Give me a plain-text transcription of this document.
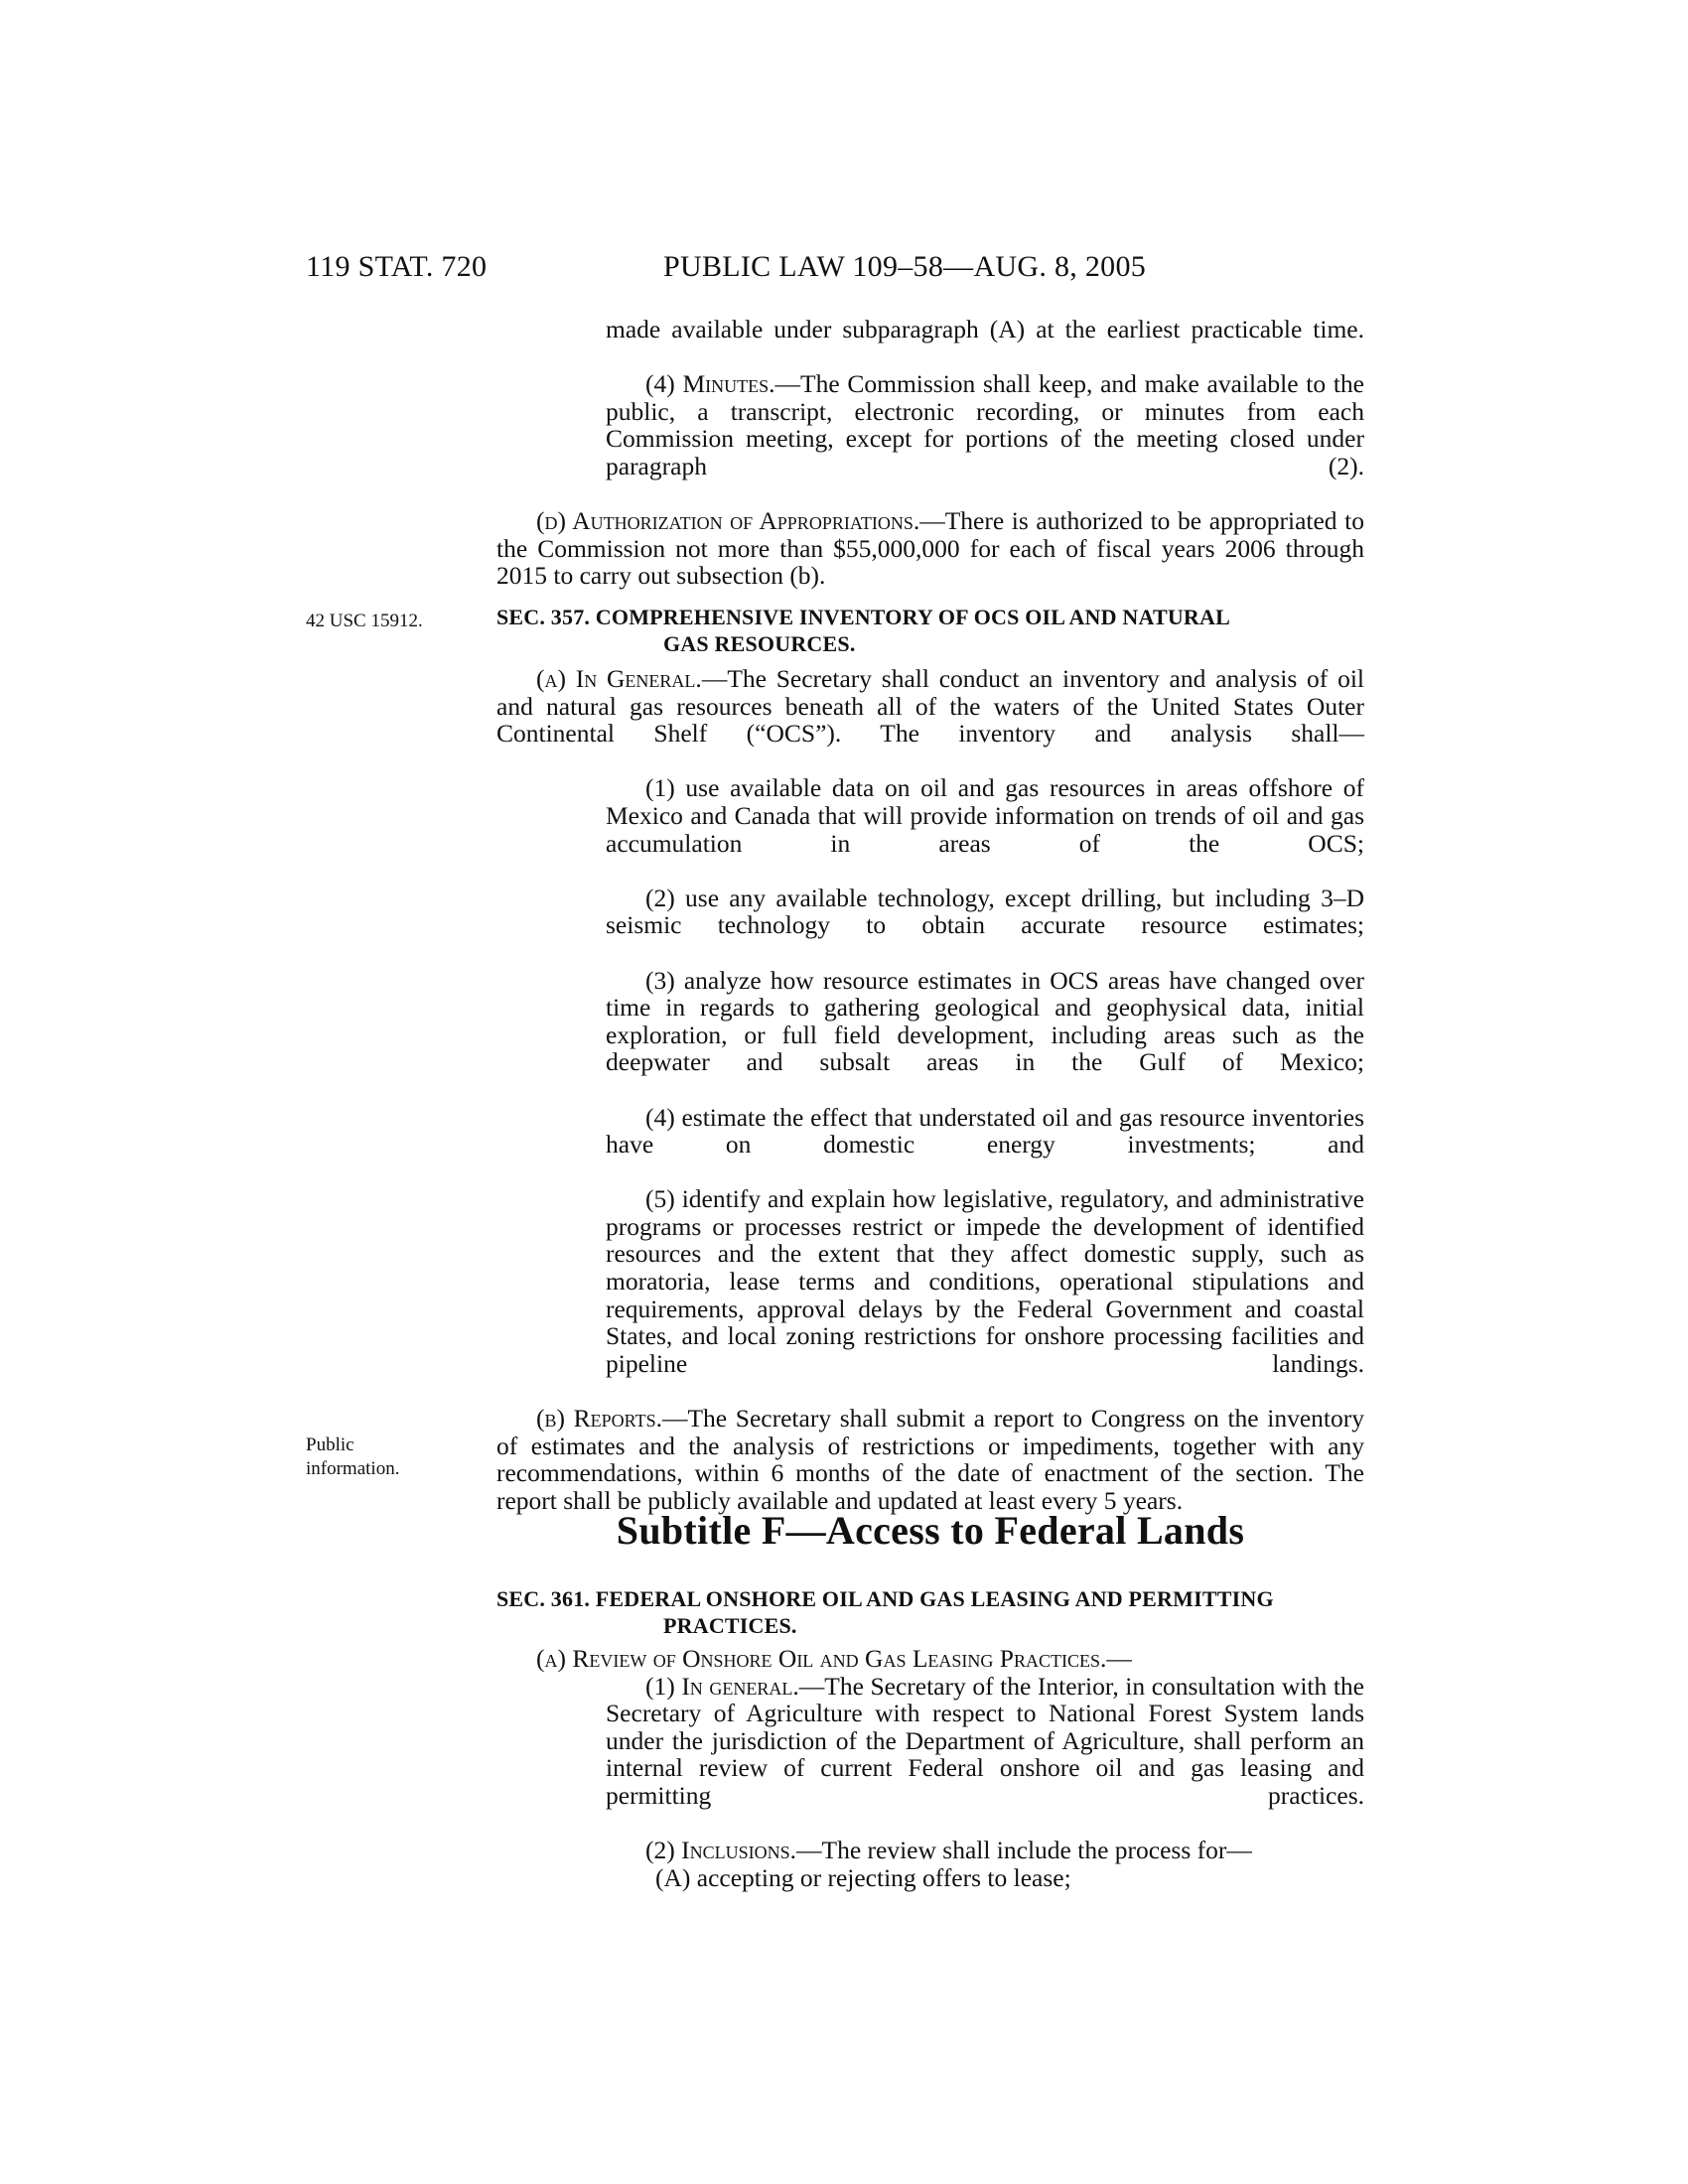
119 STAT. 720	PUBLIC LAW 109–58—AUG. 8, 2005
42 USC 15912.
Public
information.

made available under subparagraph (A) at the earliest practicable time.

(4) Minutes.—The Commission shall keep, and make available to the public, a transcript, electronic recording, or minutes from each Commission meeting, except for portions of the meeting closed under paragraph (2).

(d) Authorization of Appropriations.—There is authorized to be appropriated to the Commission not more than $55,000,000 for each of fiscal years 2006 through 2015 to carry out subsection (b).

SEC. 357. COMPREHENSIVE INVENTORY OF OCS OIL AND NATURAL
GAS RESOURCES.

(a) In General.—The Secretary shall conduct an inventory and analysis of oil and natural gas resources beneath all of the waters of the United States Outer Continental Shelf (“OCS”). The inventory and analysis shall—

(1) use available data on oil and gas resources in areas offshore of Mexico and Canada that will provide information on trends of oil and gas accumulation in areas of the OCS;

(2) use any available technology, except drilling, but including 3–D seismic technology to obtain accurate resource estimates;

(3) analyze how resource estimates in OCS areas have changed over time in regards to gathering geological and geophysical data, initial exploration, or full field development, including areas such as the deepwater and subsalt areas in the Gulf of Mexico;

(4) estimate the effect that understated oil and gas resource inventories have on domestic energy investments; and

(5) identify and explain how legislative, regulatory, and administrative programs or processes restrict or impede the development of identified resources and the extent that they affect domestic supply, such as moratoria, lease terms and conditions, operational stipulations and requirements, approval delays by the Federal Government and coastal States, and local zoning restrictions for onshore processing facilities and pipeline landings.

(b) Reports.—The Secretary shall submit a report to Congress on the inventory of estimates and the analysis of restrictions or impediments, together with any recommendations, within 6 months of the date of enactment of the section. The report shall be publicly available and updated at least every 5 years.

Subtitle F—Access to Federal Lands
SEC. 361. FEDERAL ONSHORE OIL AND GAS LEASING AND PERMITTING
PRACTICES.

(a) Review of Onshore Oil and Gas Leasing Practices.—

(1) In general.—The Secretary of the Interior, in consultation with the Secretary of Agriculture with respect to National Forest System lands under the jurisdiction of the Department of Agriculture, shall perform an internal review of current Federal onshore oil and gas leasing and permitting practices.

(2) Inclusions.—The review shall include the process for—

(A) accepting or rejecting offers to lease;
